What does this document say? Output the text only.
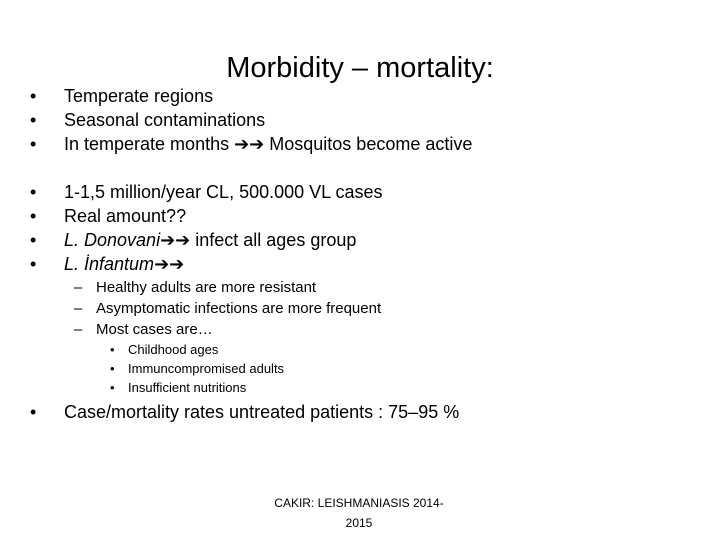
Morbidity – mortality:
• Temperate regions
• Seasonal contaminations
• In temperate months ➔➔ Mosquitos become active
• 1-1,5 million/year CL, 500.000 VL cases
• Real amount??
• L. Donovani➔➔ infect all ages group
• L. İnfantum➔➔
– Healthy adults are more resistant
– Asymptomatic infections are more frequent
– Most cases are…
• Childhood ages
• Immuncompromised adults
• Insufficient nutritions
• Case/mortality rates untreated patients : 75–95 %
CAKIR: LEISHMANIASIS 2014-
2015
